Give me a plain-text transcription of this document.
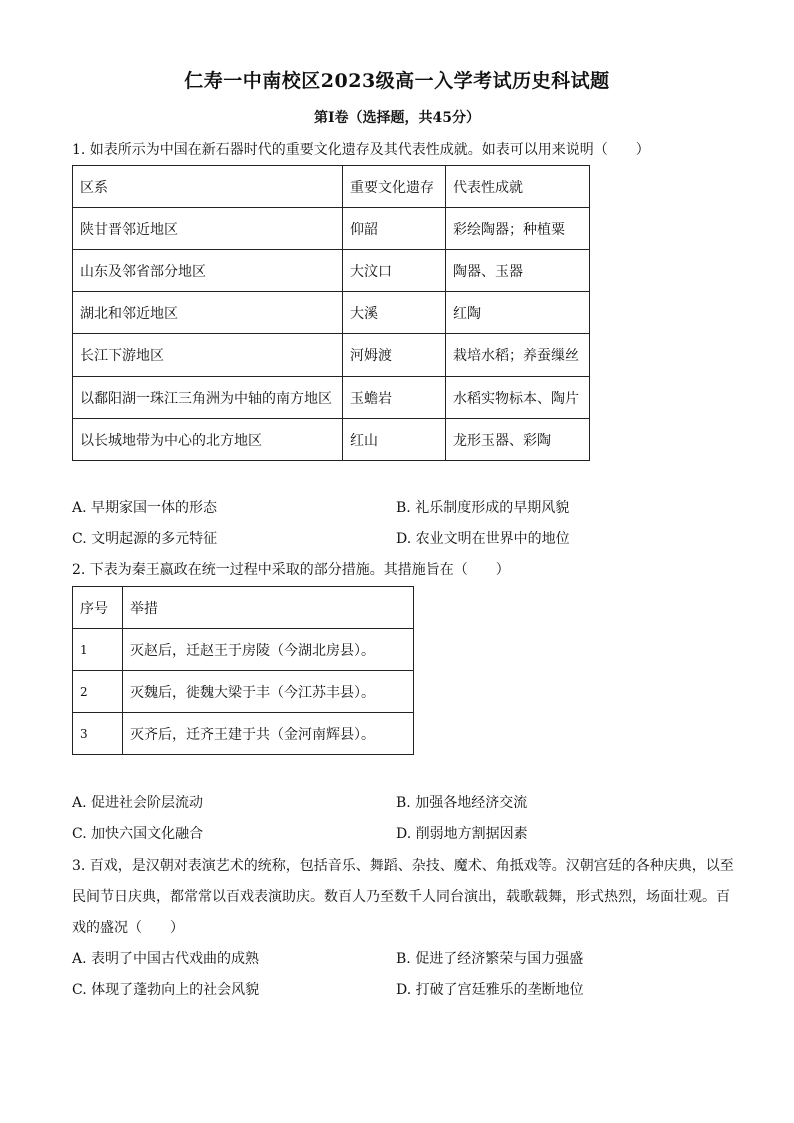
仁寿一中南校区2023级高一入学考试历史科试题
第Ⅰ卷（选择题，共45分）
1. 如表所示为中国在新石器时代的重要文化遗存及其代表性成就。如表可以用来说明（　　）
区系	重要文化遗存	代表性成就
陕甘晋邻近地区	仰韶	彩绘陶器；种植粟
山东及邻省部分地区	大汶口	陶器、玉器
湖北和邻近地区	大溪	红陶
长江下游地区	河姆渡	栽培水稻；养蚕缫丝
以鄱阳湖一珠江三角洲为中轴的南方地区	玉蟾岩	水稻实物标本、陶片
以长城地带为中心的北方地区	红山	龙形玉器、彩陶
A. 早期家国一体的形态	B. 礼乐制度形成的早期风貌
C. 文明起源的多元特征	D. 农业文明在世界中的地位
2. 下表为秦王嬴政在统一过程中采取的部分措施。其措施旨在（　　）
序号	举措
1	灭赵后，迁赵王于房陵（今湖北房县）。
2	灭魏后，徙魏大梁于丰（今江苏丰县）。
3	灭齐后，迁齐王建于共（金河南辉县）。
A. 促进社会阶层流动	B. 加强各地经济交流
C. 加快六国文化融合	D. 削弱地方割据因素
3. 百戏，是汉朝对表演艺术的统称，包括音乐、舞蹈、杂技、魔术、角抵戏等。汉朝宫廷的各种庆典，以至民间节日庆典，都常常以百戏表演助庆。数百人乃至数千人同台演出，载歌载舞，形式热烈，场面壮观。百戏的盛况（　　）
A. 表明了中国古代戏曲的成熟	B. 促进了经济繁荣与国力强盛
C. 体现了蓬勃向上的社会风貌	D. 打破了宫廷雅乐的垄断地位
